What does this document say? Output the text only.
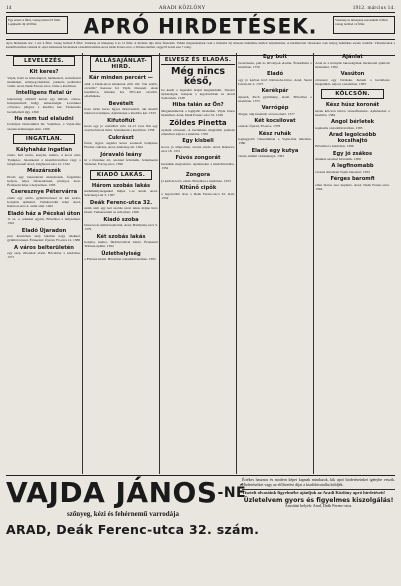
14	ARADI KÖZLÖNY	1912. március 14.
Egy szóért 4 fillér, vastag betűvel 8 fillér. Legkisebb díj 40 fillér.	APRÓ HIRDETÉSEK.	Vasárnap és ünnepnap szavanként 6 fillér, vastag betűvel 12 fillér.
Apró hirdetések ára: 1 szó 4 fillér, vastag betűvel 8 fillér. Vasárnap és ünnepnap 6 és 12 fillér. A hirdetés díja előre fizetendő. Vidéki megrendelések csak a hirdetési díj előzetes beküldése mellett teljesíttetnek. A kiadóhivatal válaszokat csak bélyeg beküldése esetén továbbít. Válaszlevelek a kiadóhivatalban vehetők át. Apró hirdetések felvétetnek a kiadóhivatalban Arad, Deák Ferenc-utca, a Tribuna mellett, reggel 8 órától este 7 óráig.
LEVELEZÉS.
Kit keres?

Vajda, festő és mázolóipari, házmesteri, szobafestői munkákat, szőnyeg-tisztítást, parketta padlózást vállal. Arad, Deák Ferenc-utca. Címe a kiadóban.

Intelligens fiatal úr

ismeretség céljából keresi egy művelt, csinos, középtermetű hölgy ismeretségét. Leveleket »Tavasz« jeligére a kiadóba kér. Titoktartás becsületbeli ügy. 1360

Ha nem tud elaludni

forduljon bizalommal Dr. Vajdához, a Vajda-féle szerencsétlenségek után. 1399

INGATLAN.
Kályhaház ingatlan

eladó. Két szoba, konyha, kamra, 4 kocsi szín, Tyúkpiac, Jelentkezni a kiadóhivatalban vagy a tulajdonosnál Arad, Zsigmond-utca 12. 1342

Mészárszék

Eladó egy berendezett mészárszék, forgalmas helyen, teljes felszereléssel, jutányos áron. Értekezni lehet a helyszínen. 1305

Cseresznye Pétervárra

eladó egy szőlő, gyümölcsössel és két szoba, konyhás épülettel. Tudakozódni lehet Arad, Rákóczi-utca 4. szám alatt. 1402

Eladó ház a Pécskai úton

11 sz. a. telekkel együtt. Bővebbet a helyszínen. 1391

Eladó Újaradon

piac közelében szép lakóház nagy telekkel, gyümölcsössel. Értekezni: Újarad, Fő-utca 12. 1388

A város belterületén

egy szép villatelek eladó. Bővebbet a kiadóban. 1371

ÁLLÁSAJÁNLAT-HIRD.
Kár minden percért —

amit a Deák-utcai kirakatok előtt tölt. Van szebb, olcsóbb? Keresse fel Vajda Jánosnét. Árak leszállítva, minden áru 30%-kal olcsóbb. »Kellékek«

Bevételt

hozó üzlet keres ügyes üzletvezetőt, aki kisebb tőkével is belépne. Ajánlatokat a kiadóba kér. 1333

Kifutófiút

keres egy jó családból való 14–15 éves fiút egy arad-belvárosi üzlet. Jelentkezni a kiadóban. 1358

Cukrászt

fiatal, ügyes segédet keres azonnali belépésre Fischer cukrász, Arad, Andrássy-tér. 1364

Jóravaló leány

ki a főzéshez ért, azonnal felvétetik. Jelentkezni Weiszné, Forray-utca. 1390

KIADÓ LAKÁS.
Három szobás lakás

mellékhelyiségekkel május 1-re kiadó Arad, Széchenyi-tér 3. 1387

Deák Ferenc-utca 32.

szám alatt egy két szobás utcai lakás május hóra kiadó. Tudakozódni az udvarban. 1366

Kiadó szoba

bútorozott, külön bejárattal, Arad, Batthyány-utca 5. 1379

Két szobás lakás

konyha, kamra, fürdőszobával kiadó. Értekezni Tribuna-épület. 1392

Üzlethelyiség

a Főtéren kiadó. Bővebbet a kiadóhivatalban. 1395

ELVESZ ÉS ELADÁS.
Még nincs késő,

ha kezdi a legszebb áruját megrendelni. Tavaszi újdonságok, kalapok a legolcsóbbak az Aradi Szalonban. 1348

Hiba talán az Ön?

Megtekinthetők a legújabb modellek. Vajda János üzletében. Arad, Deák Ferenc-utca 32. 1349

Zöldes Pinetta

nyakék elveszett. A becsületes megtaláló jutalom ellenében adja le a kiadóba. 1350

Egy kisbeli

kocsi, jó állapotban, olcsón eladó. Arad, Rákóczi-utca 18. 1351

Fúvós zongorát

keresünk megvételre. Ajánlatokat a kiadóhivatalba. 1352

Zongora

jó karban levő, eladó. Bővebbet a kiadóban. 1353

Kitűnő cipők

a legolcsóbb áron a Deák Ferenc-utca 32. alatt. 1354

Egy bolt

berendezés, pult és állványok eladók. Érdeklődni a kiadóban. 1370

Eladó

egy jó karban lévő hálószoba-bútor. Arad, Szent István-tér 2. 1373

Kerékpár

újszerű, Puch gyártmány, eladó. Bővebbet a kiadóban. 1375

Varrógép

Singer, alig használt, olcsón eladó. 1377

Két kocsilovat

eladok. Újarad, Fő-utca. 1378

Kész ruhák

legnagyobb választékban a Vajda-féle üzletben. 1380

Eladó egy kutya

vizsla, kitűnő vadászkutya. 1381

Ajánlat

Arad és a környék lakosságának tisztelettel ajánlom üzletemet. 1382

Vasúton

elveszett egy bőrtáska. Kérem a becsületes megtalálót, adja le a kiadóban. 1383

KÖLCSÖN.
Kész húsz koronát

kérek kölcsön biztos visszafizetésre. Ajánlatokat a kiadóba. 1384

Angol bérletek

kaphatók a kiadóhivatalban. 1385

Arad legolcsóbb kocsihajtó

Bővebbet a kiadóban. 1386

Egy jó zsákos

munkás azonnal felvétetik. 1389

A legfinomabb

tavaszi divatáruk Vajda Jánosnál. 1393

Férges baromfi

ellen biztos szer kapható. Arad, Deák Ferenc-utca. 1394

VAJDA $JÁNOS^{-NÉ}$
szőnyeg, kézi és fehérnemű varrodája
ARAD, Deák Ferenc-utca 32. szám.
Értékes hasznos és modern képet kapnak mindazok, kik apró hirdetéseinket igénybe veszik. Hirdetéseiket vagy az előfizetési díjat a kiadóhivatalba küldjék.
Tisztelt olvasóink figyelmébe ajánljuk az Aradi Közlöny apró hirdetéseit!
Üzletelvem gyors és figyelmes kiszolgálás!
Árusítási helyek: Arad, Deák Ferenc-utca.
